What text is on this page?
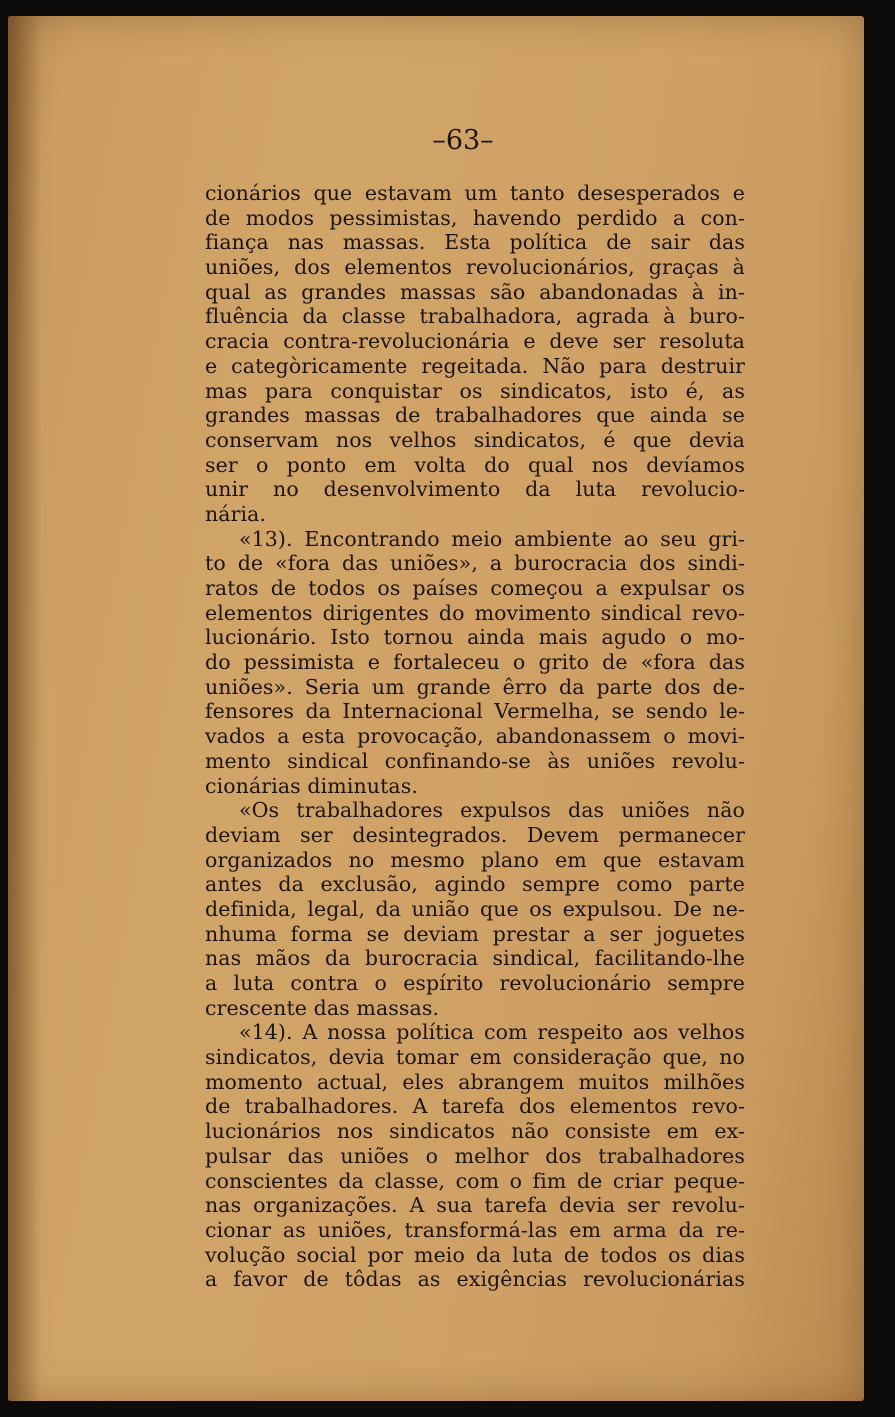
–63–
cionários que estavam um tanto desesperados e
de modos pessimistas, havendo perdido a con-
fiança nas massas. Esta política de sair das
uniões, dos elementos revolucionários, graças à
qual as grandes massas são abandonadas à in-
fluência da classe trabalhadora, agrada à buro-
cracia contra-revolucionária e deve ser resoluta
e categòricamente regeitada. Não para destruir
mas para conquistar os sindicatos, isto é, as
grandes massas de trabalhadores que ainda se
conservam nos velhos sindicatos, é que devia
ser o ponto em volta do qual nos devíamos
unir no desenvolvimento da luta revolucio-
nária.
«13). Encontrando meio ambiente ao seu gri-
to de «fora das uniões», a burocracia dos sindi-
ratos de todos os países começou a expulsar os
elementos dirigentes do movimento sindical revo-
lucionário. Isto tornou ainda mais agudo o mo-
do pessimista e fortaleceu o grito de «fora das
uniões». Seria um grande êrro da parte dos de-
fensores da Internacional Vermelha, se sendo le-
vados a esta provocação, abandonassem o movi-
mento sindical confinando-se às uniões revolu-
cionárias diminutas.
«Os trabalhadores expulsos das uniões não
deviam ser desintegrados. Devem permanecer
organizados no mesmo plano em que estavam
antes da exclusão, agindo sempre como parte
definida, legal, da união que os expulsou. De ne-
nhuma forma se deviam prestar a ser joguetes
nas mãos da burocracia sindical, facilitando-lhe
a luta contra o espírito revolucionário sempre
crescente das massas.
«14). A nossa política com respeito aos velhos
sindicatos, devia tomar em consideração que, no
momento actual, eles abrangem muitos milhões
de trabalhadores. A tarefa dos elementos revo-
lucionários nos sindicatos não consiste em ex-
pulsar das uniões o melhor dos trabalhadores
conscientes da classe, com o fim de criar peque-
nas organizações. A sua tarefa devia ser revolu-
cionar as uniões, transformá-las em arma da re-
volução social por meio da luta de todos os dias
a favor de tôdas as exigências revolucionárias
